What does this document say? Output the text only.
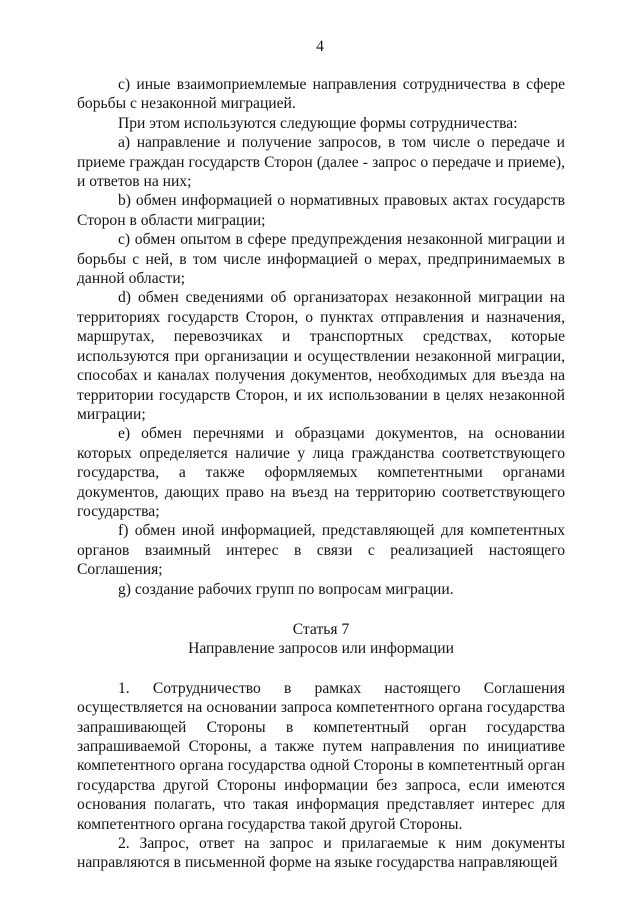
4

c) иные взаимоприемлемые направления сотрудничества в сфере борьбы с незаконной миграцией.

При этом используются следующие формы сотрудничества:

a) направление и получение запросов, в том числе о передаче и приеме граждан государств Сторон (далее - запрос о передаче и приеме), и ответов на них;

b) обмен информацией о нормативных правовых актах государств Сторон в области миграции;

c) обмен опытом в сфере предупреждения незаконной миграции и борьбы с ней, в том числе информацией о мерах, предпринимаемых в данной области;

d) обмен сведениями об организаторах незаконной миграции на территориях государств Сторон, о пунктах отправления и назначения, маршрутах, перевозчиках и транспортных средствах, которые используются при организации и осуществлении незаконной миграции, способах и каналах получения документов, необходимых для въезда на территории государств Сторон, и их использовании в целях незаконной миграции;

e) обмен перечнями и образцами документов, на основании которых определяется наличие у лица гражданства соответствующего государства, а также оформляемых компетентными органами документов, дающих право на въезд на территорию соответствующего государства;

f) обмен иной информацией, представляющей для компетентных органов взаимный интерес в связи с реализацией настоящего Соглашения;

g) создание рабочих групп по вопросам миграции.

Статья 7

Направление запросов или информации

1. Сотрудничество в рамках настоящего Соглашения осуществляется на основании запроса компетентного органа государства запрашивающей Стороны в компетентный орган государства запрашиваемой Стороны, а также путем направления по инициативе компетентного органа государства одной Стороны в компетентный орган государства другой Стороны информации без запроса, если имеются основания полагать, что такая информация представляет интерес для компетентного органа государства такой другой Стороны.

2. Запрос, ответ на запрос и прилагаемые к ним документы направляются в письменной форме на языке государства направляющей
